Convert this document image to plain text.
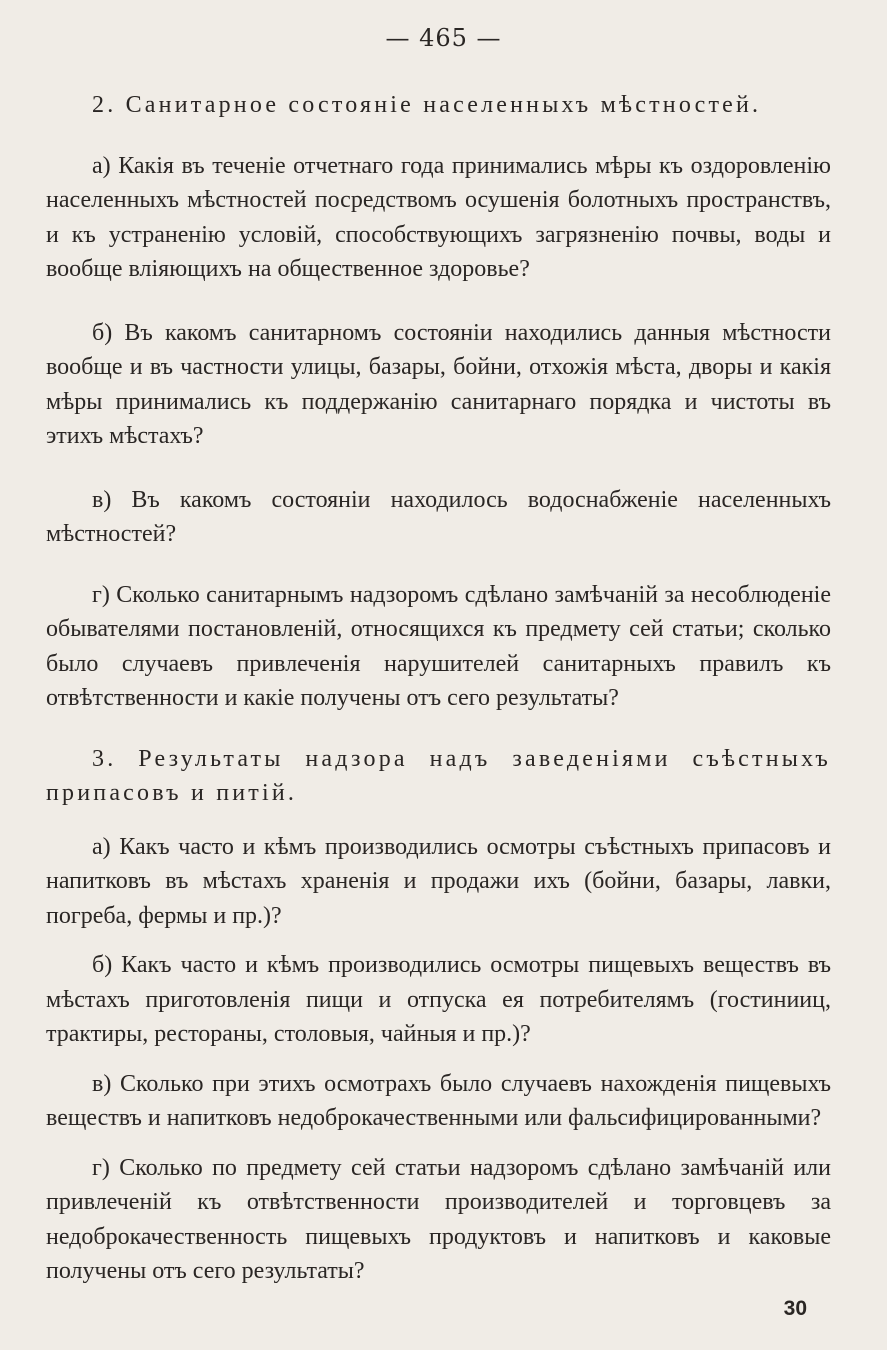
— 465 —

2. Санитарное состоянiе населенныхъ мѣстностей.

а) Какiя въ теченiе отчетнаго года принимались мѣры къ оздоровленiю населенныхъ мѣстностей посредствомъ осушенiя болотныхъ пространствъ, и къ устраненiю условiй, способствующихъ загрязненiю почвы, воды и вообще влiяющихъ на общественное здоровье?

б) Въ какомъ санитарномъ состоянiи находились данныя мѣстности вообще и въ частности улицы, базары, бойни, отхожiя мѣста, дворы и какiя мѣры принимались къ поддержанiю санитарнаго порядка и чистоты въ этихъ мѣстахъ?

в) Въ какомъ состоянiи находилось водоснабженiе населенныхъ мѣстностей?

г) Сколько санитарнымъ надзоромъ сдѣлано замѣчанiй за несоблюденiе обывателями постановленiй, относящихся къ предмету сей статьи; сколько было случаевъ привлеченiя нарушителей санитарныхъ правилъ къ отвѣтственности и какiе получены отъ сего результаты?

3. Результаты надзора надъ заведенiями съѣстныхъ припасовъ и питiй.

а) Какъ часто и кѣмъ производились осмотры съѣстныхъ припасовъ и напитковъ въ мѣстахъ храненiя и продажи ихъ (бойни, базары, лавки, погреба, фермы и пр.)?

б) Какъ часто и кѣмъ производились осмотры пищевыхъ веществъ въ мѣстахъ приготовленiя пищи и отпуска ея потребителямъ (гостинииц, трактиры, рестораны, столовыя, чайныя и пр.)?

в) Сколько при этихъ осмотрахъ было случаевъ нахожденiя пищевыхъ веществъ и напитковъ недоброкачественными или фальсифицированными?

г) Сколько по предмету сей статьи надзоромъ сдѣлано замѣчанiй или привлеченiй къ отвѣтственности производителей и торговцевъ за недоброкачественность пищевыхъ продуктовъ и напитковъ и каковые получены отъ сего результаты?

30
